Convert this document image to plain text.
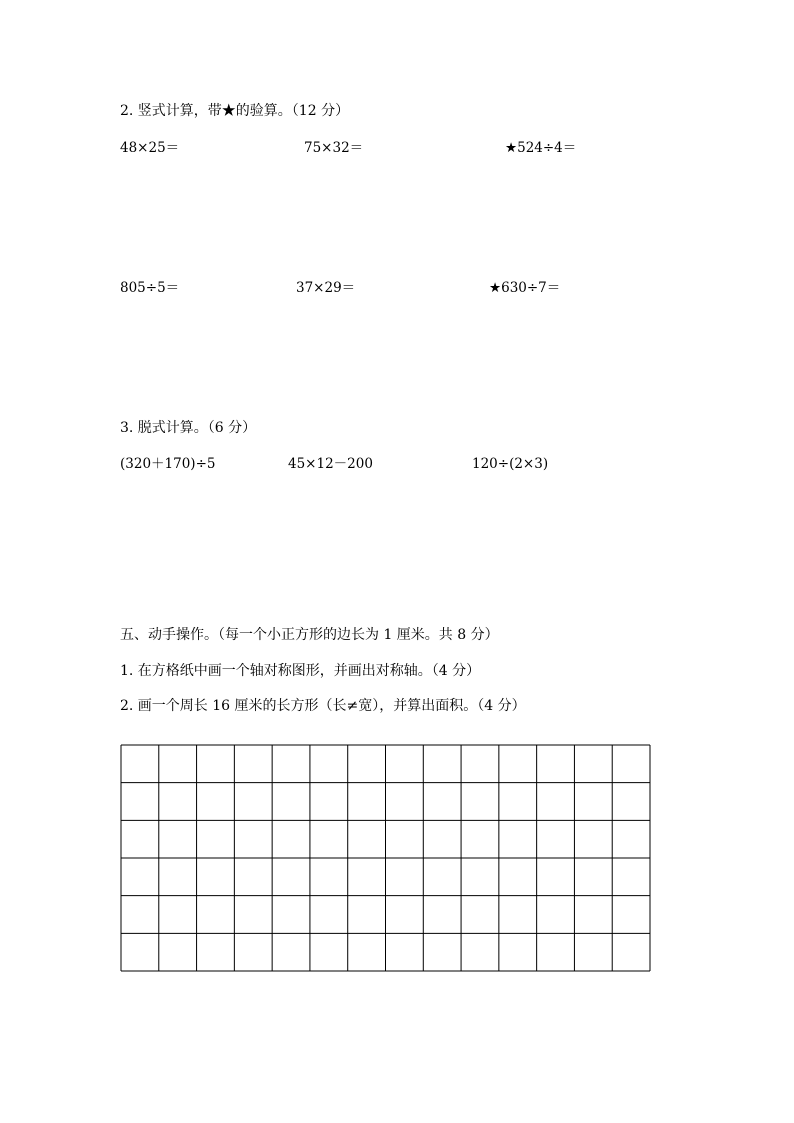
2. 竖式计算，带★的验算。（12 分）
48×25＝	75×32＝	★524÷4＝
805÷5＝	37×29＝	★630÷7＝
3. 脱式计算。（6 分）
(320＋170)÷5	45×12－200	120÷(2×3)
五、动手操作。（每一个小正方形的边长为 1 厘米。共 8 分）
1. 在方格纸中画一个轴对称图形，并画出对称轴。（4 分）
2. 画一个周长 16 厘米的长方形（长≠宽），并算出面积。（4 分）
